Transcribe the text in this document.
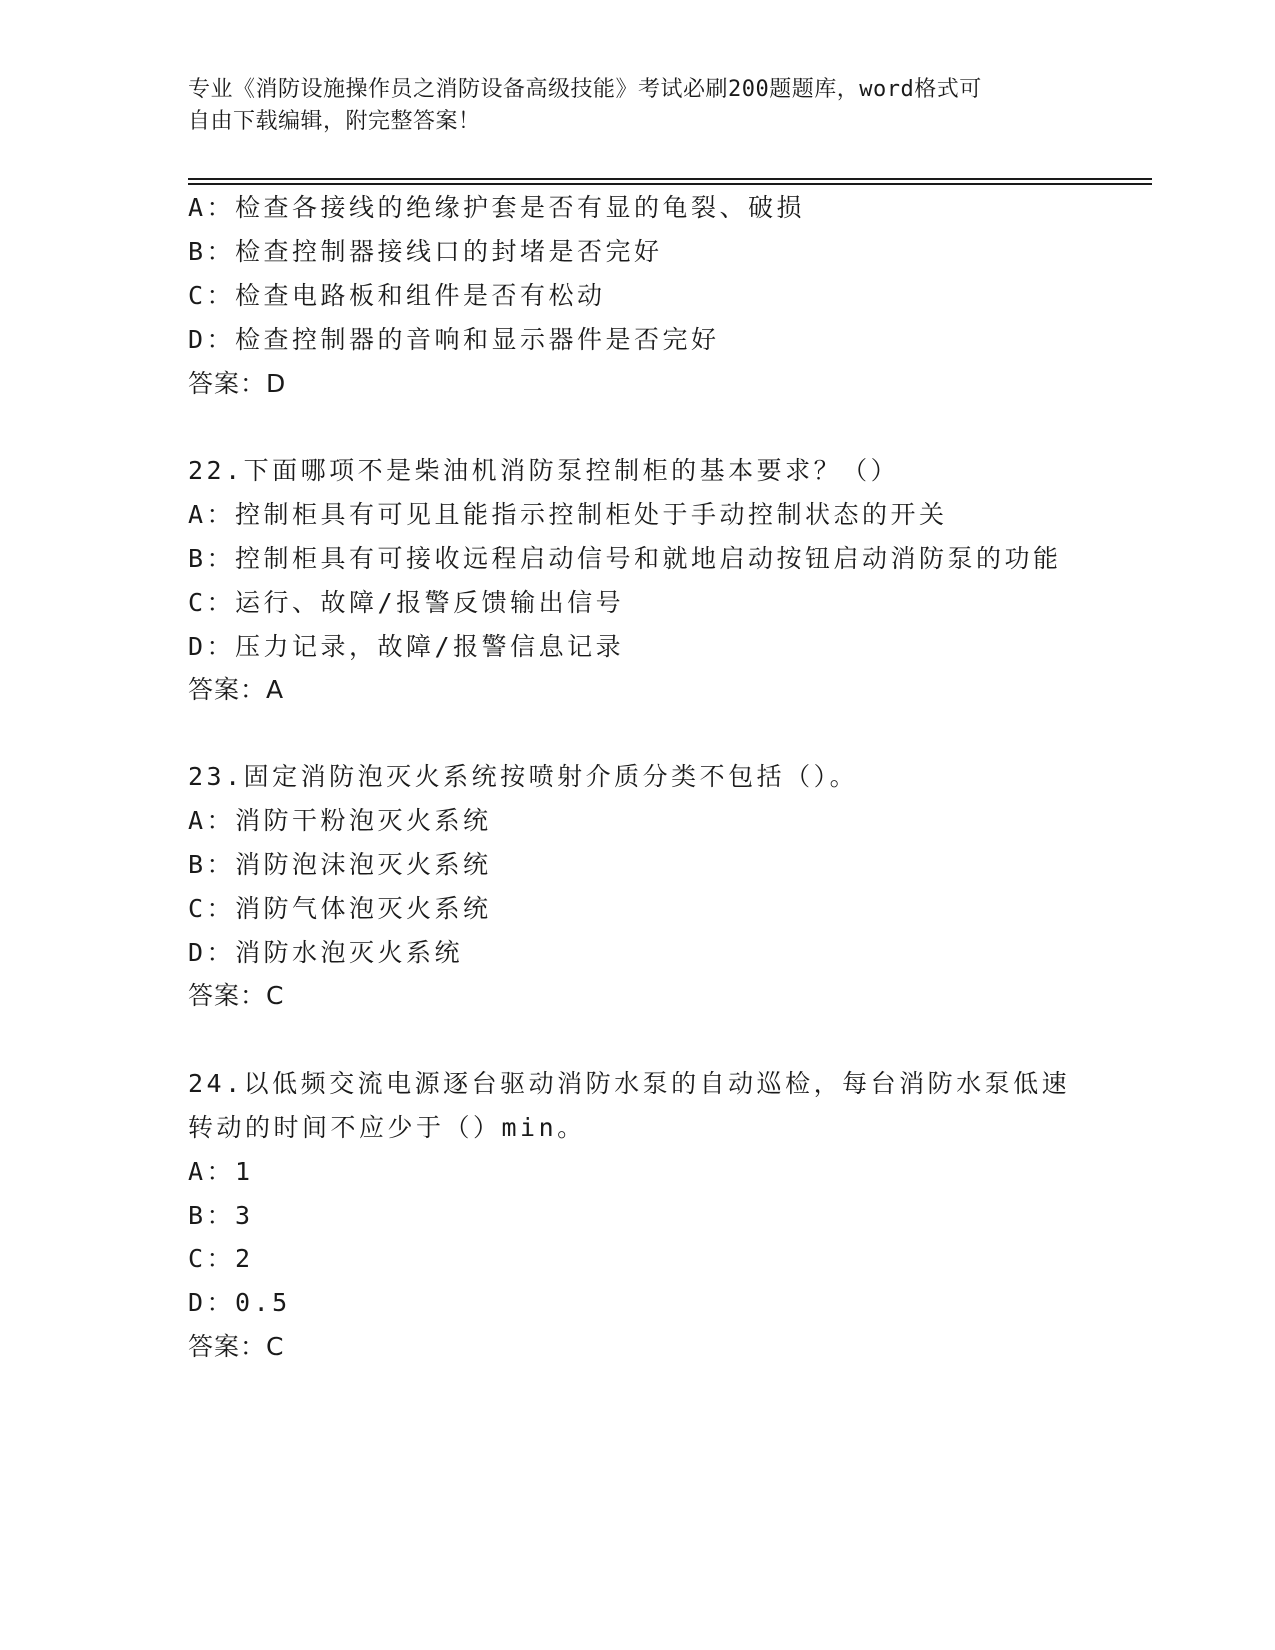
专业《消防设施操作员之消防设备高级技能》考试必刷200题题库，word格式可
自由下载编辑，附完整答案！
A：检查各接线的绝缘护套是否有显的龟裂、破损
B：检查控制器接线口的封堵是否完好
C：检查电路板和组件是否有松动
D：检查控制器的音响和显示器件是否完好
答案：D
22.下面哪项不是柴油机消防泵控制柜的基本要求？（）
A：控制柜具有可见且能指示控制柜处于手动控制状态的开关
B：控制柜具有可接收远程启动信号和就地启动按钮启动消防泵的功能
C：运行、故障/报警反馈输出信号
D：压力记录，故障/报警信息记录
答案：A
23.固定消防泡灭火系统按喷射介质分类不包括（）。
A：消防干粉泡灭火系统
B：消防泡沫泡灭火系统
C：消防气体泡灭火系统
D：消防水泡灭火系统
答案：C
24.以低频交流电源逐台驱动消防水泵的自动巡检，每台消防水泵低速
转动的时间不应少于（）min。
A：1
B：3
C：2
D：0.5
答案：C
